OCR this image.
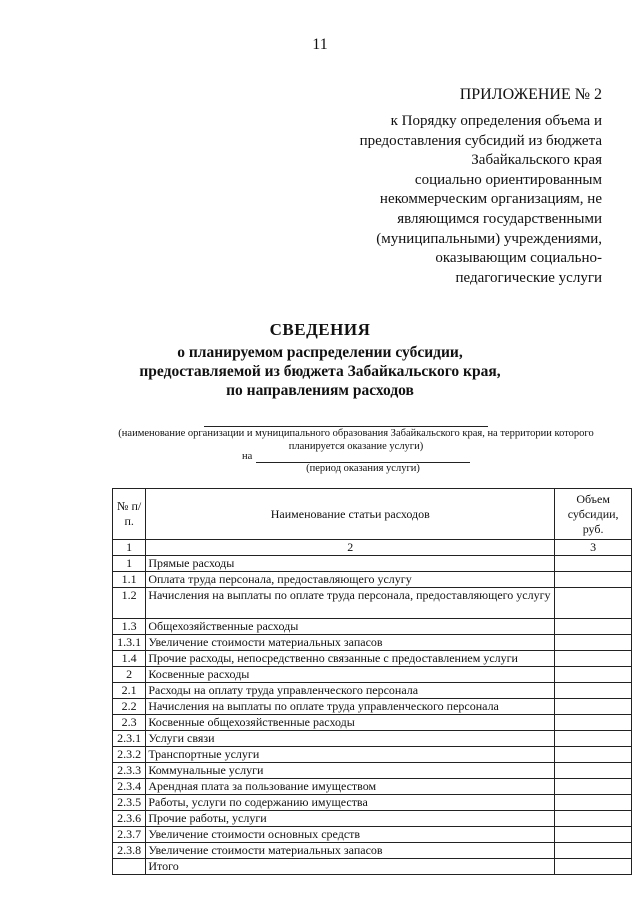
11
ПРИЛОЖЕНИЕ № 2
к Порядку определения объема и
предоставления субсидий из бюджета
Забайкальского края
социально ориентированным
некоммерческим организациям, не
являющимся государственными
(муниципальными) учреждениями,
оказывающим социально-
педагогические услуги
СВЕДЕНИЯ
о планируемом распределении субсидии,
предоставляемой из бюджета Забайкальского края,
по направлениям расходов
(наименование организации и муниципального образования Забайкальского края, на территории которого планируется оказание услуги)
на
(период оказания услуги)
№ п/п.	Наименование статьи расходов	Объем субсидии, руб.
1	2	3
1	Прямые расходы	
1.1	Оплата труда персонала, предоставляющего услугу	
1.2	Начисления на выплаты по оплате труда персонала, предоставляющего услугу	
1.3	Общехозяйственные расходы	
1.3.1	Увеличение стоимости материальных запасов	
1.4	Прочие расходы, непосредственно связанные с предоставлением услуги	
2	Косвенные расходы	
2.1	Расходы на оплату труда управленческого персонала	
2.2	Начисления на выплаты по оплате труда управленческого персонала	
2.3	Косвенные общехозяйственные расходы	
2.3.1	Услуги связи	
2.3.2	Транспортные услуги	
2.3.3	Коммунальные услуги	
2.3.4	Арендная плата за пользование имуществом	
2.3.5	Работы, услуги по содержанию имущества	
2.3.6	Прочие работы, услуги	
2.3.7	Увеличение стоимости основных средств	
2.3.8	Увеличение стоимости материальных запасов	
	Итого	
